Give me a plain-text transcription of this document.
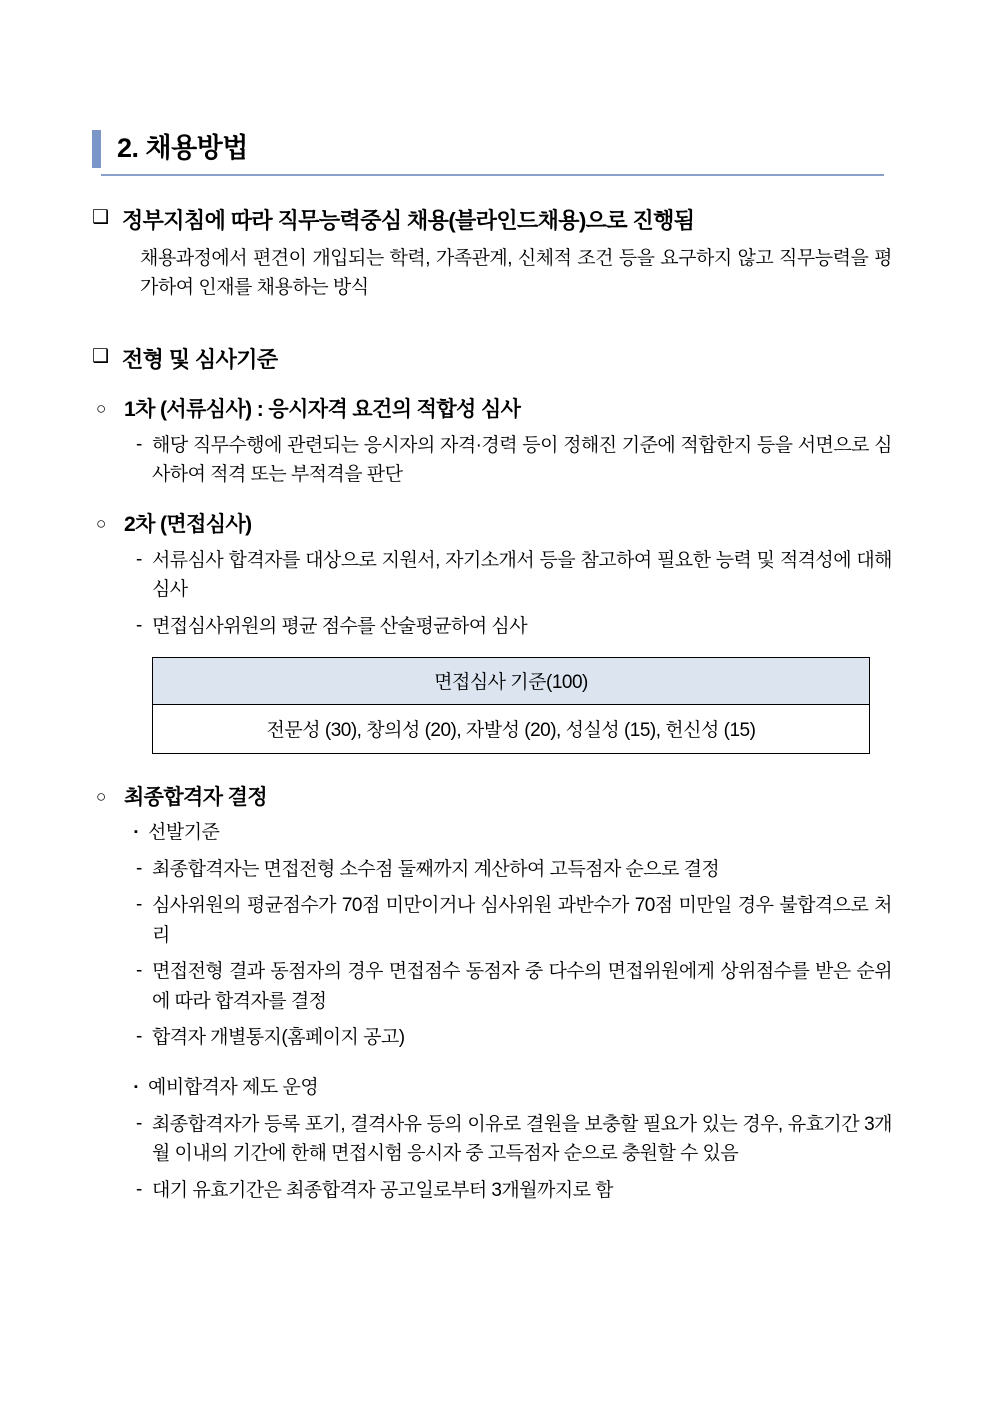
2. 채용방법
❑ 정부지침에 따라 직무능력중심 채용(블라인드채용)으로 진행됨
채용과정에서 편견이 개입되는 학력, 가족관계, 신체적 조건 등을 요구하지 않고 직무능력을 평가하여 인재를 채용하는 방식
❑ 전형 및 심사기준
○ 1차 (서류심사) : 응시자격 요건의 적합성 심사
- 해당 직무수행에 관련되는 응시자의 자격·경력 등이 정해진 기준에 적합한지 등을 서면으로 심사하여 적격 또는 부적격을 판단
○ 2차 (면접심사)
- 서류심사 합격자를 대상으로 지원서, 자기소개서 등을 참고하여 필요한 능력 및 적격성에 대해 심사
- 면접심사위원의 평균 점수를 산술평균하여 심사
면접심사 기준(100)
전문성 (30), 창의성 (20), 자발성 (20), 성실성 (15), 헌신성 (15)
○ 최종합격자 결정
▪ 선발기준
- 최종합격자는 면접전형 소수점 둘째까지 계산하여 고득점자 순으로 결정
- 심사위원의 평균점수가 70점 미만이거나 심사위원 과반수가 70점 미만일 경우 불합격으로 처리
- 면접전형 결과 동점자의 경우 면접점수 동점자 중 다수의 면접위원에게 상위점수를 받은 순위에 따라 합격자를 결정
- 합격자 개별통지(홈페이지 공고)
▪ 예비합격자 제도 운영
- 최종합격자가 등록 포기, 결격사유 등의 이유로 결원을 보충할 필요가 있는 경우, 유효기간 3개월 이내의 기간에 한해 면접시험 응시자 중 고득점자 순으로 충원할 수 있음
- 대기 유효기간은 최종합격자 공고일로부터 3개월까지로 함
